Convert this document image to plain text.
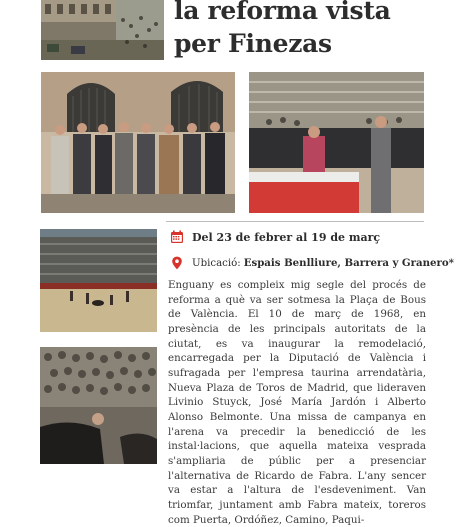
la reforma vista
per Finezas
Del 23 de febrer al 19 de març
Ubicació: Espais Benlliure, Barrera y Granero*

Enguany es compleix mig segle del procés de reforma a què va ser sotmesa la Plaça de Bous de València. El 10 de març de 1968, en presència de les principals autoritats de la ciutat, es va inaugurar la remodelació, encarregada per la Diputació de València i sufragada per l'empresa taurina arrendatària, Nueva Plaza de Toros de Madrid, que lideraven Livinio Stuyck, José María Jardón i Alberto Alonso Belmonte. Una missa de campanya en l'arena va precedir la benedicció de les instal·lacions, que aquella mateixa vesprada s'ampliaria de públic per a presenciar l'alternativa de Ricardo de Fabra. L'any sencer va estar a l'altura de l'esdeveniment. Van triomfar, juntament amb Fabra mateix, toreros com Puerta, Ordóñez, Camino, Paqui-
